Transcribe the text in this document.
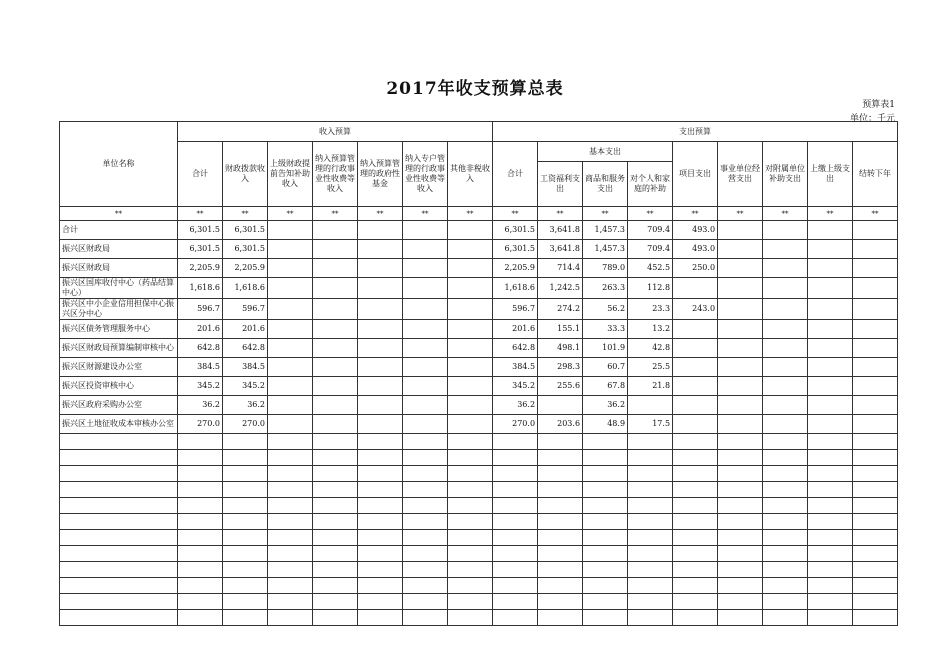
2017年收支预算总表
预算表1
单位：千元
单位名称	收入预算							支出预算								
	合计	财政拨款收入	上级财政提前告知补助收入	纳入预算管理的行政事业性收费等收入	纳入预算管理的政府性基金	纳入专户管理的行政事业性收费等收入	其他非税收入	合计	基本支出			项目支出	事业单位经营支出	对附属单位补助支出	上缴上级支出	结转下年
									工资福利支出	商品和服务支出	对个人和家庭的补助					
**	**	**	**	**	**	**	**	**	**	**	**	**	**	**	**	**
合计	6,301.5	6,301.5						6,301.5	3,641.8	1,457.3	709.4	493.0				
振兴区财政局	6,301.5	6,301.5						6,301.5	3,641.8	1,457.3	709.4	493.0				
振兴区财政局	2,205.9	2,205.9						2,205.9	714.4	789.0	452.5	250.0				
振兴区国库收付中心（药品结算中心）	1,618.6	1,618.6						1,618.6	1,242.5	263.3	112.8					
振兴区中小企业信用担保中心振兴区分中心	596.7	596.7						596.7	274.2	56.2	23.3	243.0				
振兴区债务管理服务中心	201.6	201.6						201.6	155.1	33.3	13.2					
振兴区财政局预算编制审核中心	642.8	642.8						642.8	498.1	101.9	42.8					
振兴区财源建设办公室	384.5	384.5						384.5	298.3	60.7	25.5					
振兴区投资审核中心	345.2	345.2						345.2	255.6	67.8	21.8					
振兴区政府采购办公室	36.2	36.2						36.2		36.2						
振兴区土地征收成本审核办公室	270.0	270.0						270.0	203.6	48.9	17.5					
